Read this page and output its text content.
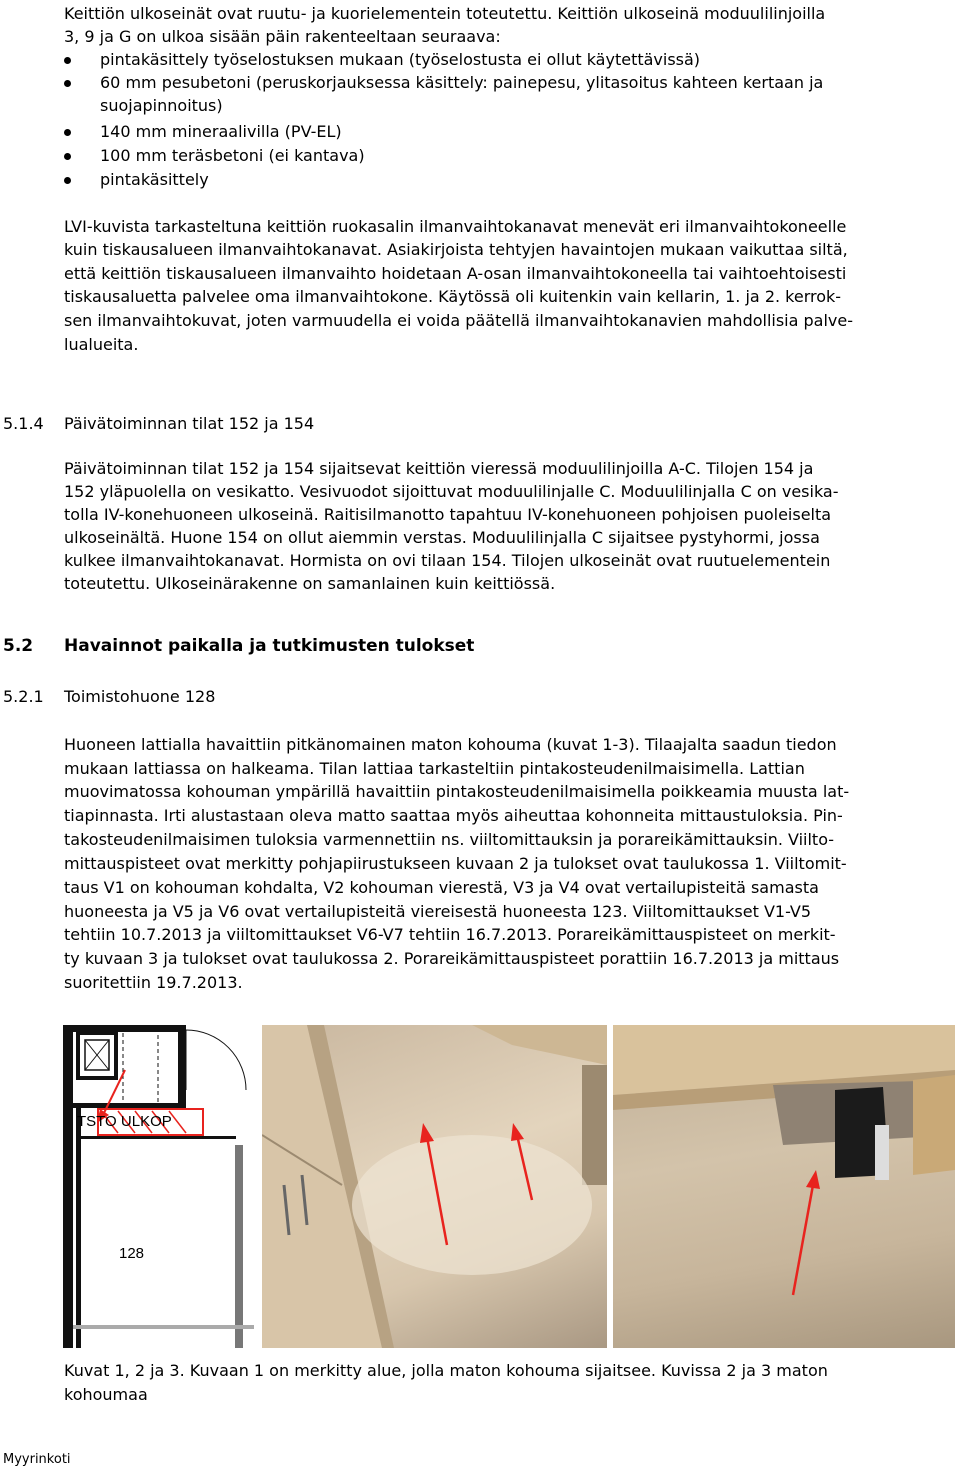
Keittiön ulkoseinät ovat ruutu- ja kuorielementein toteutettu. Keittiön ulkoseinä moduulilinjoilla
3, 9 ja G on ulkoa sisään päin rakenteeltaan seuraava:
pintakäsittely työselostuksen mukaan (työselostusta ei ollut käytettävissä)
60 mm pesubetoni (peruskorjauksessa käsittely: painepesu, ylitasoitus kahteen kertaan ja
suojapinnoitus)
140 mm mineraalivilla (PV-EL)
100 mm teräsbetoni (ei kantava)
pintakäsittely
LVI-kuvista tarkasteltuna keittiön ruokasalin ilmanvaihtokanavat menevät eri ilmanvaihtokoneelle
kuin tiskausalueen ilmanvaihtokanavat. Asiakirjoista tehtyjen havaintojen mukaan vaikuttaa siltä,
että keittiön tiskausalueen ilmanvaihto hoidetaan A-osan ilmanvaihtokoneella tai vaihtoehtoisesti
tiskausaluetta palvelee oma ilmanvaihtokone. Käytössä oli kuitenkin vain kellarin, 1. ja 2. kerrok-
sen ilmanvaihtokuvat, joten varmuudella ei voida päätellä ilmanvaihtokanavien mahdollisia palve-
lualueita.
5.1.4 Päivätoiminnan tilat 152 ja 154
Päivätoiminnan tilat 152 ja 154 sijaitsevat keittiön vieressä moduulilinjoilla A-C. Tilojen 154 ja
152 yläpuolella on vesikatto. Vesivuodot sijoittuvat moduulilinjalle C. Moduulilinjalla C on vesika-
tolla IV-konehuoneen ulkoseinä. Raitisilmanotto tapahtuu IV-konehuoneen pohjoisen puoleiselta
ulkoseinältä. Huone 154 on ollut aiemmin verstas. Moduulilinjalla C sijaitsee pystyhormi, jossa
kulkee ilmanvaihtokanavat. Hormista on ovi tilaan 154. Tilojen ulkoseinät ovat ruutuelementein
toteutettu. Ulkoseinärakenne on samanlainen kuin keittiössä.
5.2 Havainnot paikalla ja tutkimusten tulokset
5.2.1 Toimistohuone 128
Huoneen lattialla havaittiin pitkänomainen maton kohouma (kuvat 1-3). Tilaajalta saadun tiedon
mukaan lattiassa on halkeama. Tilan lattiaa tarkasteltiin pintakosteudenilmaisimella. Lattian
muovimatossa kohouman ympärillä havaittiin pintakosteudenilmaisimella poikkeamia muusta lat-
tiapinnasta. Irti alustastaan oleva matto saattaa myös aiheuttaa kohonneita mittaustuloksia. Pin-
takosteudenilmaisimen tuloksia varmennettiin ns. viiltomittauksin ja porareikämittauksin. Viilto-
mittauspisteet ovat merkitty pohjapiirustukseen kuvaan 2 ja tulokset ovat taulukossa 1. Viiltomit-
taus V1 on kohouman kohdalta, V2 kohouman vierestä, V3 ja V4 ovat vertailupisteitä samasta
huoneesta ja V5 ja V6 ovat vertailupisteitä viereisestä huoneesta 123. Viiltomittaukset V1-V5
tehtiin 10.7.2013 ja viiltomittaukset V6-V7 tehtiin 16.7.2013. Porareikämittauspisteet on merkit-
ty kuvaan 3 ja tulokset ovat taulukossa 2. Porareikämittauspisteet porattiin 16.7.2013 ja mittaus
suoritettiin 19.7.2013.
TSTO ULKOP
128
Kuvat 1, 2 ja 3. Kuvaan 1 on merkitty alue, jolla maton kohouma sijaitsee. Kuvissa 2 ja 3 maton
kohoumaa
Myyrinkoti
